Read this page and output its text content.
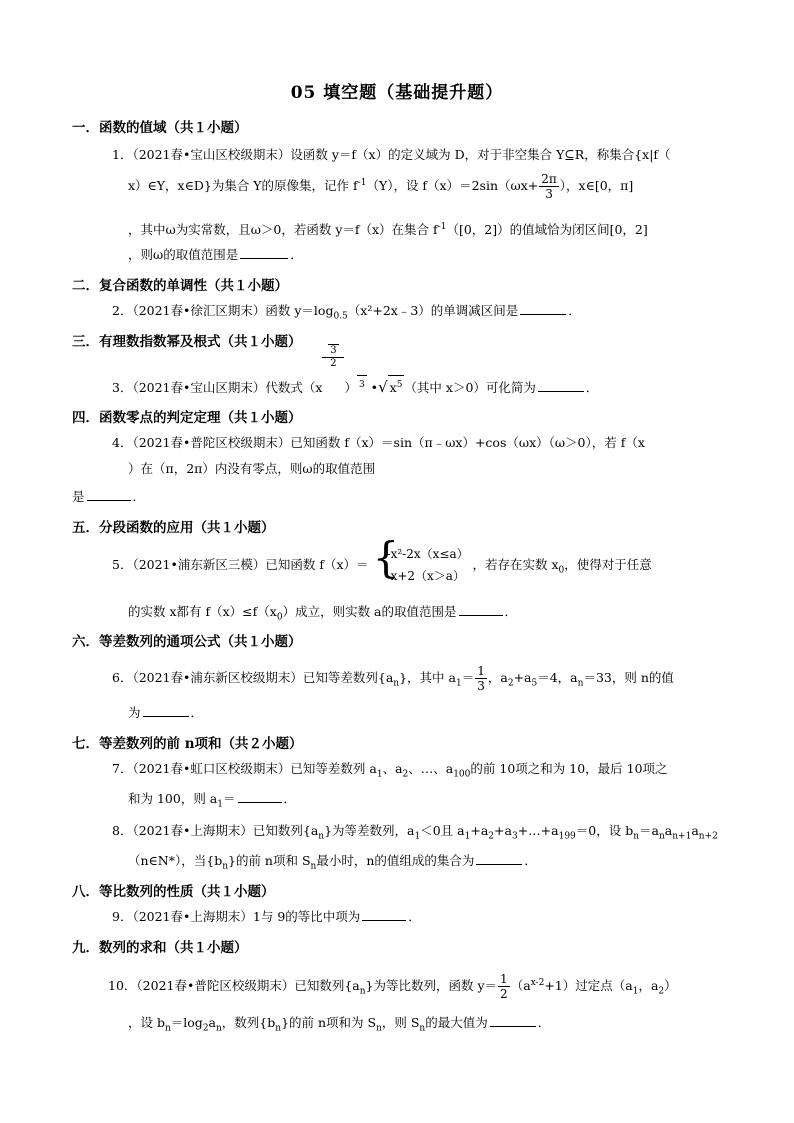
05 填空题（基础提升题）
一．函数的值域（共１小题）
1．（2021春•宝山区校级期末）设函数 y＝f（x）的定义域为 D，对于非空集合 Y⊆R，称集合{x|f（
x）∈Y，x∈D}为集合 Y的原像集，记作 $f^{-1}(Y)$，设 $f(x)=2\sin(\omega x+ \frac{2\pi}{3}$ ），x∈[0，π]
，其中ω为实常数，且ω＞0，若函数 y＝f（x）在集合 $f^{-1}([0$，2]）的值域恰为闭区间[0，2]
，则ω的取值范围是	．
二．复合函数的单调性（共１小题）
2．（2021春•徐汇区期末）函数 $y=\log_{0.5}(x^2+2x﹣3)$的单调减区间是	．
三．有理数指数幂及根式（共１小题）
3．（2021春•宝山区期末）代数式（x
3

2
） $^3$ •√ $x^5$ （其中 x＞0）可化简为	．
四．函数零点的判定定理（共１小题）
4．（2021春•普陀区校级期末）已知函数 f（x）＝sin（π﹣ωx）+cos（ωx）（ω＞0），若 f（x
）在（π，2π）内没有零点，则ω的取值范围
是	．
五．分段函数的应用（共１小题）
5．（2021•浦东新区三模）已知函数 f（x）＝ {
-x²-2x（x≤a）
-x+2（x＞a）
，若存在实数 $x_0$，使得对于任意
的实数 x都有 $f(x)\le f(x_0)$成立，则实数 a的取值范围是	．
六．等差数列的通项公式（共１小题）
6．（2021春•浦东新区校级期末）已知等差数列$\{a_n\}$，其中 $a_1= \frac{1}{3}$ ，$a_2+a_5=4$，$a_n=33$，则 n的值
为	．
七．等差数列的前 n项和（共２小题）
7．（2021春•虹口区校级期末）已知等差数列 $a_1$、$a_2$、…、$a_{100}$的前 10项之和为 10，最后 10项之
和为 100，则 $a_1=$	．
8．（2021春•上海期末）已知数列$\{a_n\}$为等差数列，$a_1<0$且 $a_1+a_2+a_3+\dots+a_{199}=0$，设 $b_n=a_na_{n+1}a_{n+2}$
（n∈N*），当$\{b_n\}$的前 n项和 $S_n$最小时，n的值组成的集合为	．
八．等比数列的性质（共１小题）
9．（2021春•上海期末）1与 9的等比中项为	．
九．数列的求和（共１小题）
10．（2021春•普陀区校级期末）已知数列$\{a_n\}$为等比数列，函数 $y= \frac{1}{2} (a^{x-2}+1)$过定点（$a_1$，$a_2$）
，设 $b_n=\log_2a_n$，数列$\{b_n\}$的前 n项和为 $S_n$，则 $S_n$的最大值为	．
